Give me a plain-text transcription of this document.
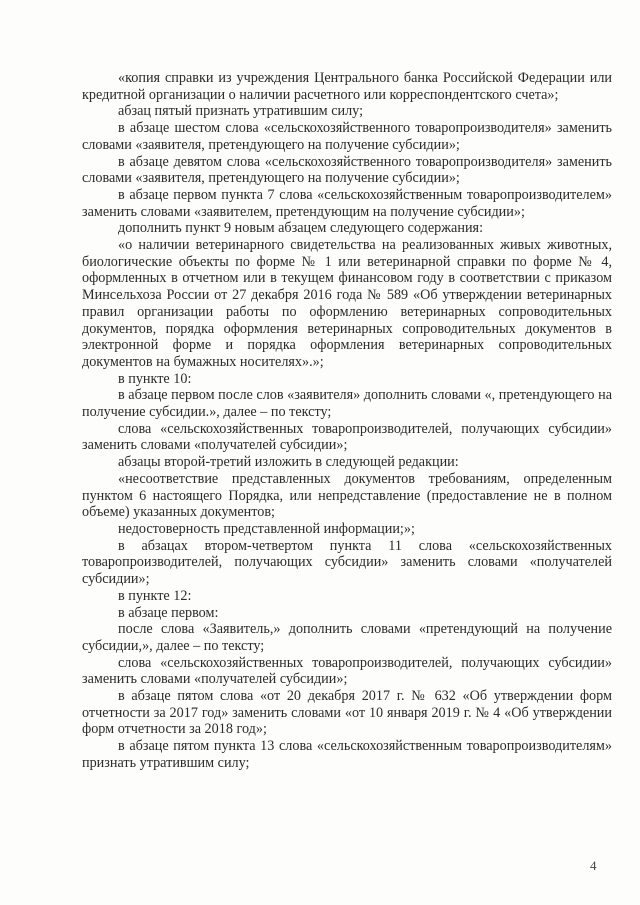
«копия справки из учреждения Центрального банка Российской Федерации или кредитной организации о наличии расчетного или корреспондентского счета»;

абзац пятый признать утратившим силу;

в абзаце шестом слова «сельскохозяйственного товаропроизводителя» заменить словами «заявителя, претендующего на получение субсидии»;

в абзаце девятом слова «сельскохозяйственного товаропроизводителя» заменить словами «заявителя, претендующего на получение субсидии»;

в абзаце первом пункта 7 слова «сельскохозяйственным товаропроизводителем» заменить словами «заявителем, претендующим на получение субсидии»;

дополнить пункт 9 новым абзацем следующего содержания:

«о наличии ветеринарного свидетельства на реализованных живых животных, биологические объекты по форме № 1 или ветеринарной справки по форме № 4, оформленных в отчетном или в текущем финансовом году в соответствии с приказом Минсельхоза России от 27 декабря 2016 года № 589 «Об утверждении ветеринарных правил организации работы по оформлению ветеринарных сопроводительных документов, порядка оформления ветеринарных сопроводительных документов в электронной форме и порядка оформления ветеринарных сопроводительных документов на бумажных носителях».»;

в пункте 10:

в абзаце первом после слов «заявителя» дополнить словами «, претендующего на получение субсидии.», далее – по тексту;

слова «сельскохозяйственных товаропроизводителей, получающих субсидии» заменить словами «получателей субсидии»;

абзацы второй-третий изложить в следующей редакции:

«несоответствие представленных документов требованиям, определенным пунктом 6 настоящего Порядка, или непредставление (предоставление не в полном объеме) указанных документов;

недостоверность представленной информации;»;

в абзацах втором-четвертом пункта 11 слова «сельскохозяйственных товаропроизводителей, получающих субсидии» заменить словами «получателей субсидии»;

в пункте 12:

в абзаце первом:

после слова «Заявитель,» дополнить словами «претендующий на получение субсидии,», далее – по тексту;

слова «сельскохозяйственных товаропроизводителей, получающих субсидии» заменить словами «получателей субсидии»;

в абзаце пятом слова «от 20 декабря 2017 г. № 632 «Об утверждении форм отчетности за 2017 год» заменить словами «от 10 января 2019 г. № 4 «Об утверждении форм отчетности за 2018 год»;

в абзаце пятом пункта 13 слова «сельскохозяйственным товаропроизводителям» признать утратившим силу;

4
